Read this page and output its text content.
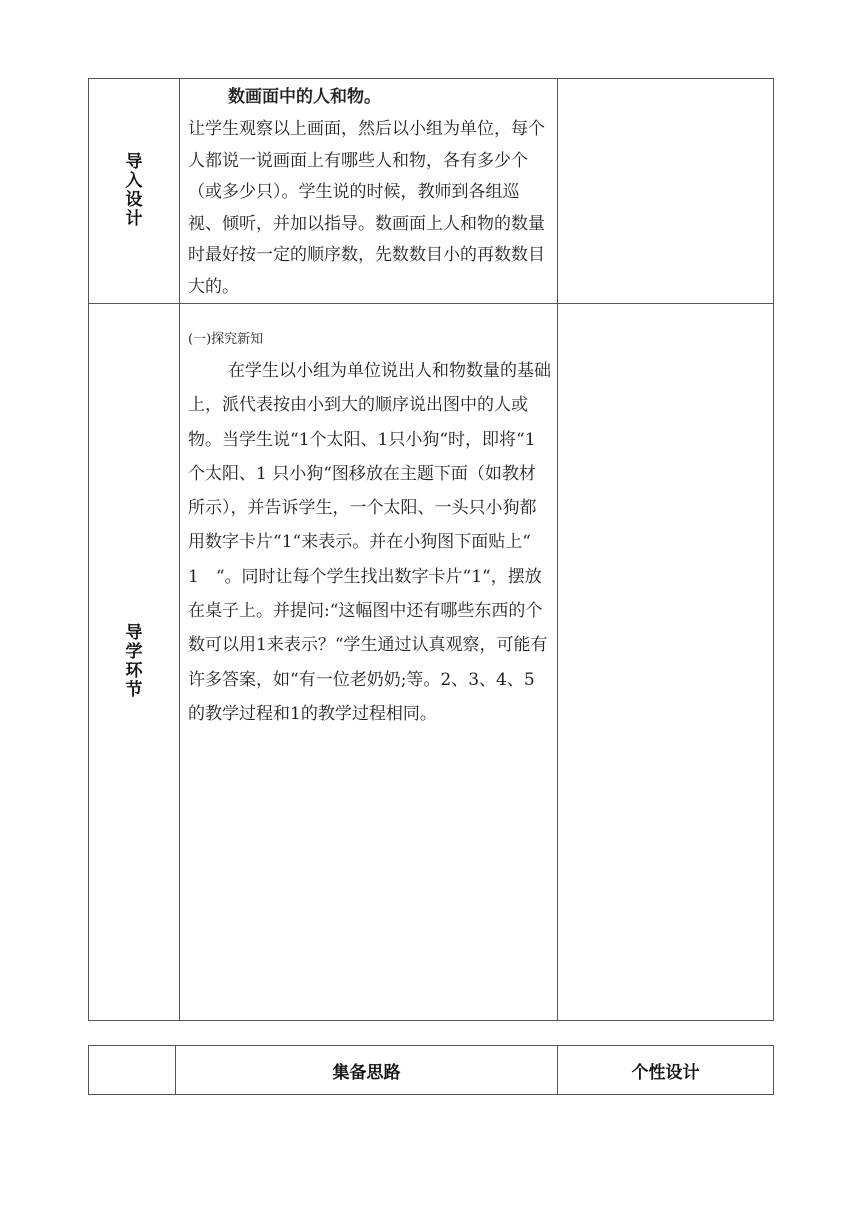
导入设计	数画面中的人和物。
让学生观察以上画面，然后以小组为单位，每个人都说一说画面上有哪些人和物，各有多少个（或多少只）。学生说的时候，教师到各组巡视、倾听，并加以指导。数画面上人和物的数量时最好按一定的顺序数，先数数目小的再数数目大的。	

导学环节	(一)探究新知
在学生以小组为单位说出人和物数量的基础上，派代表按由小到大的顺序说出图中的人或物。当学生说“1个太阳、1只小狗“时，即将“1 个太阳、1 只小狗“图移放在主题下面（如教材所示），并告诉学生，一个太阳、一头只小狗都用数字卡片“1“来表示。并在小狗图下面贴上“　1　“。同时让每个学生找出数字卡片“1“，摆放在桌子上。并提问:“这幅图中还有哪些东西的个数可以用1来表示？“学生通过认真观察，可能有许多答案，如“有一位老奶奶;等。2、3、4、5的教学过程和1的教学过程相同。	

	集备思路	个性设计
